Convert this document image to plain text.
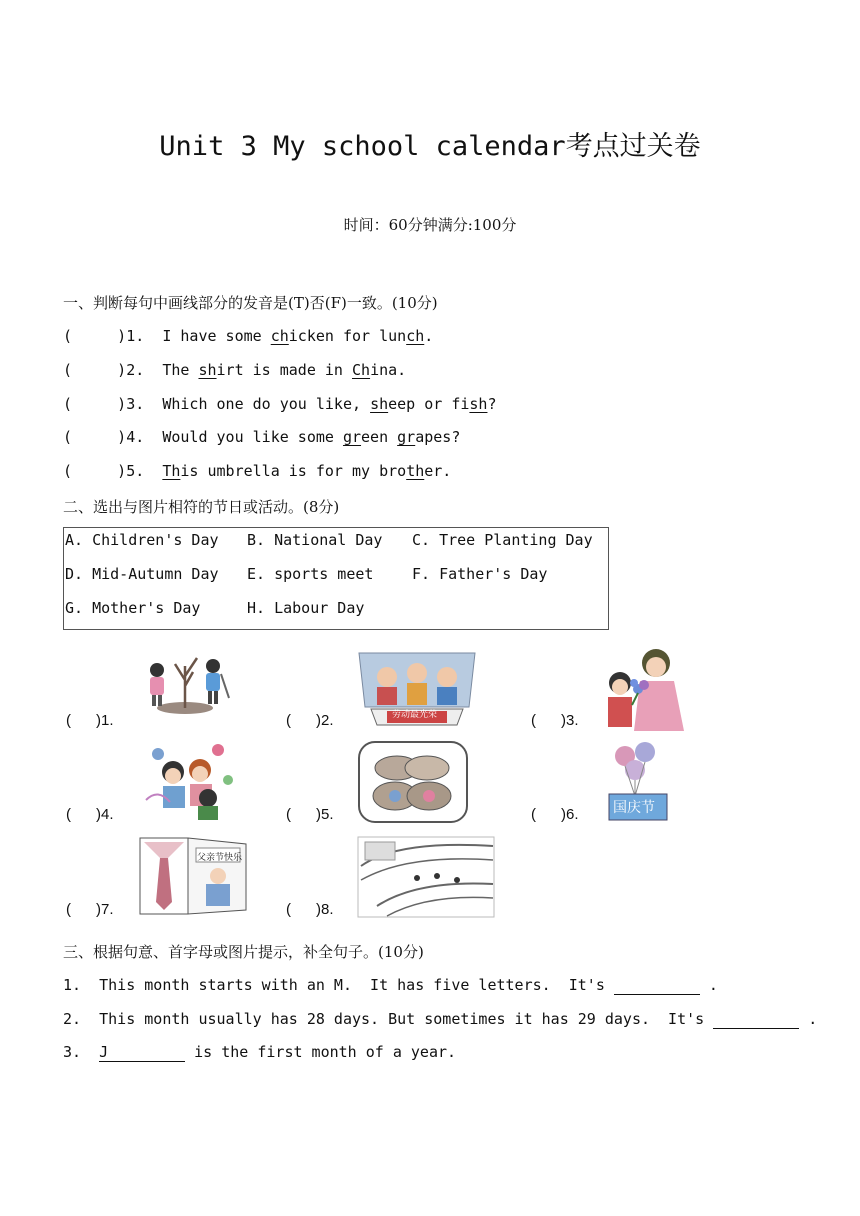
Unit 3 My school calendar考点过关卷
时间：60分钟满分:100分
一、判断每句中画线部分的发音是(T)否(F)一致。(10分)
(     )1.  I have some chicken for lunch.
(     )2.  The shirt is made in China.
(     )3.  Which one do you like, sheep or fish?
(     )4.  Would you like some green grapes?
(     )5.  This umbrella is for my brother.
二、选出与图片相符的节日或活动。(8分)
A. Children's Day B. National Day C. Tree Planting Day
D. Mid-Autumn Day E. sports meet	F. Father's Day
G. Mother's Day	H. Labour Day
(      )1.	(      )2.	劳动最光荣	(      )3.
(      )4.	(      )5.	(      )6. 国庆节
(      )7.
父亲节快乐
(      )8.
三、根据句意、首字母或图片提示，补全句子。(10分)
1.  This month starts with an M.  It has five letters.  It's	.
2.  This month usually has 28 days. But sometimes it has 29 days.  It's	.
3.  J	is the first month of a year.
